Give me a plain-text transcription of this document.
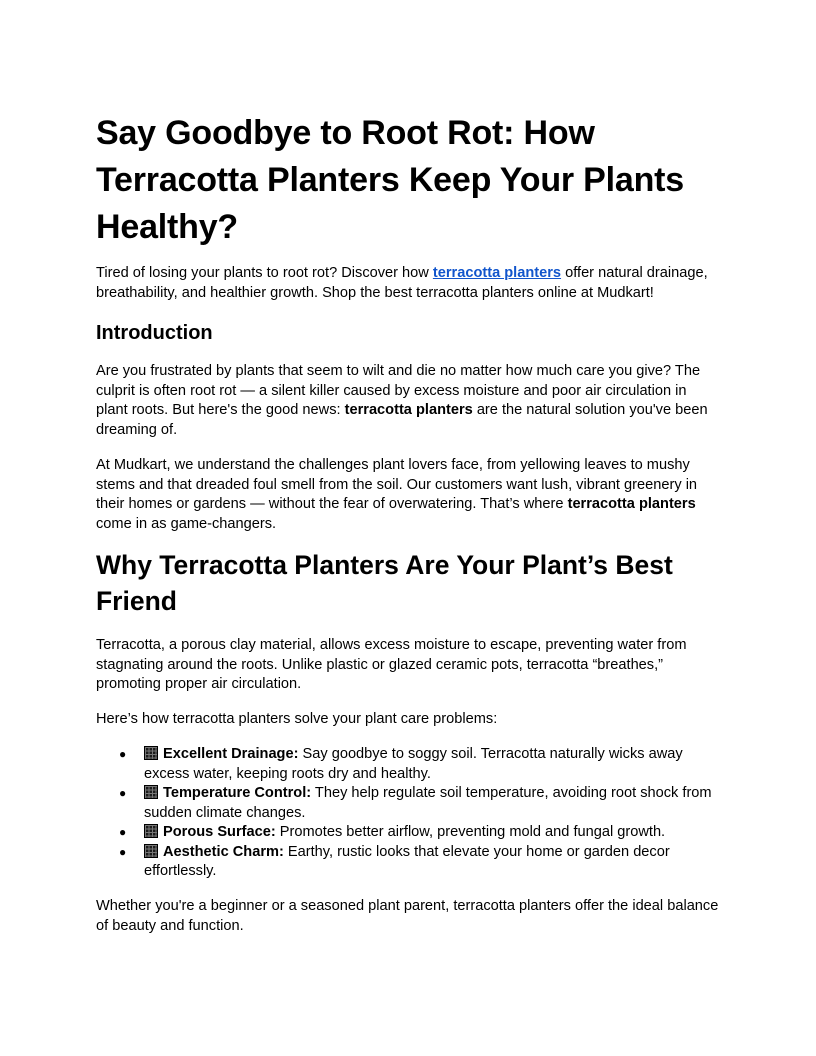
Say Goodbye to Root Rot: How Terracotta Planters Keep Your Plants Healthy?

Tired of losing your plants to root rot? Discover how terracotta planters offer natural drainage, breathability, and healthier growth. Shop the best terracotta planters online at Mudkart!

Introduction

Are you frustrated by plants that seem to wilt and die no matter how much care you give? The culprit is often root rot — a silent killer caused by excess moisture and poor air circulation in plant roots. But here's the good news: terracotta planters are the natural solution you've been dreaming of.

At Mudkart, we understand the challenges plant lovers face, from yellowing leaves to mushy stems and that dreaded foul smell from the soil. Our customers want lush, vibrant greenery in their homes or gardens — without the fear of overwatering. That’s where terracotta planters come in as game-changers.

Why Terracotta Planters Are Your Plant’s Best Friend

Terracotta, a porous clay material, allows excess moisture to escape, preventing water from stagnating around the roots. Unlike plastic or glazed ceramic pots, terracotta “breathes,” promoting proper air circulation.

Here’s how terracotta planters solve your plant care problems:

●	Excellent Drainage: Say goodbye to soggy soil. Terracotta naturally wicks away excess water, keeping roots dry and healthy.
●	Temperature Control: They help regulate soil temperature, avoiding root shock from sudden climate changes.
●	Porous Surface: Promotes better airflow, preventing mold and fungal growth.
●	Aesthetic Charm: Earthy, rustic looks that elevate your home or garden decor effortlessly.

Whether you're a beginner or a seasoned plant parent, terracotta planters offer the ideal balance of beauty and function.
